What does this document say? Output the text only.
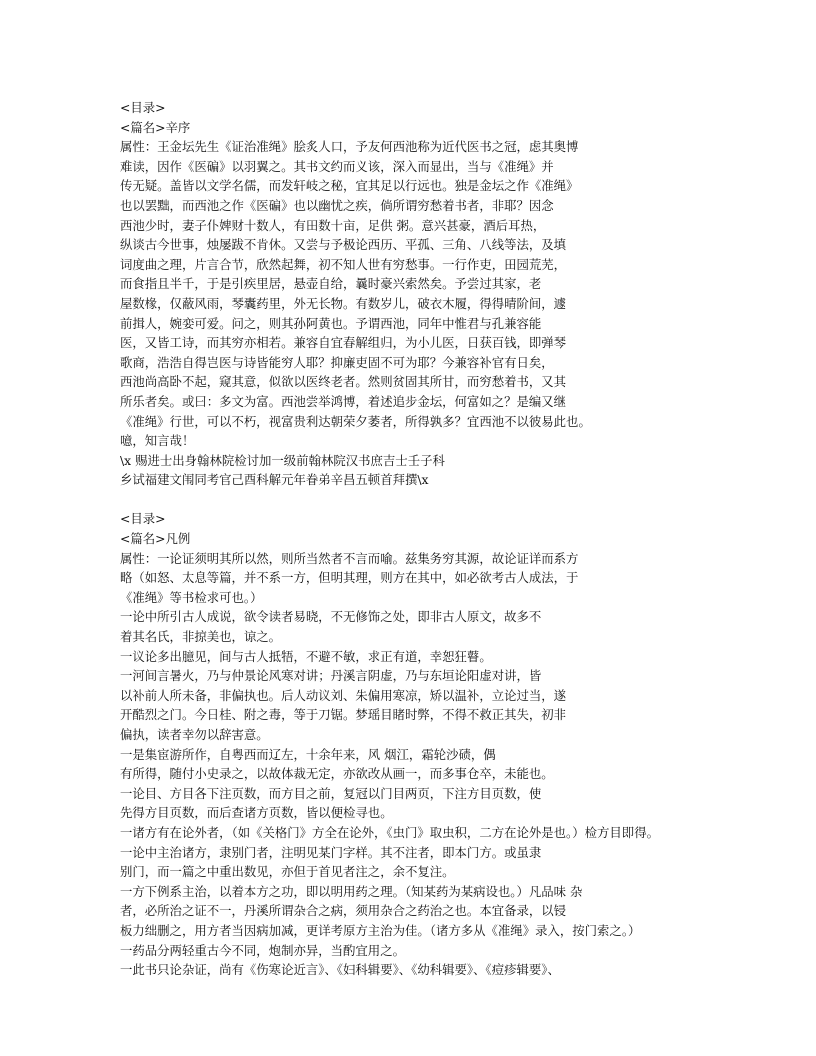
<目录>
<篇名>辛序
属性：王金坛先生《证治准绳》脍炙人口，予友何西池称为近代医书之冠，虑其奥博
难读，因作《医碥》以羽翼之。其书文约而义该，深入而显出，当与《准绳》并
传无疑。盖皆以文学名儒，而发轩岐之秘，宜其足以行远也。独是金坛之作《准绳》
也以罢黜，而西池之作《医碥》也以幽忧之疾，倘所谓穷愁着书者，非耶？因念
西池少时，妻子仆婢财十数人，有田数十亩，足供 粥。意兴甚豪，酒后耳热，
纵谈古今世事，烛屡跋不肯休。又尝与予极论西历、平孤、三角、八线等法，及填
词度曲之理，片言合节，欣然起舞，初不知人世有穷愁事。一行作吏，田园荒芜，
而食指且半千，于是引疾里居，悬壶自给，曩时豪兴索然矣。予尝过其家，老
屋数椽，仅蔽风雨，琴囊药里，外无长物。有数岁儿，破衣木履，得得晴阶间，遽
前揖人，婉娈可爱。问之，则其孙阿黄也。予谓西池，同年中惟君与孔兼容能
医，又皆工诗，而其穷亦相若。兼容自宜春解组归，为小儿医，日获百钱，即弹琴
歌商，浩浩自得岂医与诗皆能穷人耶？抑廉吏固不可为耶？今兼容补官有日矣，
西池尚高卧不起，窥其意，似欲以医终老者。然则贫固其所甘，而穷愁着书，又其
所乐者矣。或曰：多文为富。西池尝举鸿博，着述追步金坛，何富如之？是编又继
《准绳》行世，可以不朽，视富贵利达朝荣夕萎者，所得孰多？宜西池不以彼易此也。
噫，知言哉！
\x 赐进士出身翰林院检讨加一级前翰林院汉书庶吉士壬子科
乡试福建文闱同考官己酉科解元年眷弟辛昌五顿首拜撰\x
<目录>
<篇名>凡例
属性：一论证须明其所以然，则所当然者不言而喻。兹集务穷其源，故论证详而系方
略（如怒、太息等篇，并不系一方，但明其理，则方在其中，如必欲考古人成法，于
《准绳》等书检求可也。）
一论中所引古人成说，欲令读者易晓，不无修饰之处，即非古人原文，故多不
着其名氏，非掠美也，谅之。
一议论多出臆见，间与古人抵牾，不避不敏，求正有道，幸恕狂瞽。
一河间言暑火，乃与仲景论风寒对讲；丹溪言阴虚，乃与东垣论阳虚对讲，皆
以补前人所未备，非偏执也。后人动议刘、朱偏用寒凉，矫以温补，立论过当，遂
开酷烈之门。今日桂、附之毒，等于刀锯。梦瑶目睹时弊，不得不救正其失，初非
偏执，读者幸勿以辞害意。
一是集宦游所作，自粤西而辽左，十余年来，风 烟江，霜轮沙碛，偶
有所得，随付小史录之，以故体裁无定，亦欲改从画一，而多事仓卒，未能也。
一论目、方目各下注页数，而方目之前，复冠以门目两页，下注方目页数，使
先得方目页数，而后查诸方页数，皆以便检寻也。
一诸方有在论外者，（如《关格门》方全在论外，《虫门》取虫积，二方在论外是也。）检方目即得。
一论中主治诸方，隶别门者，注明见某门字样。其不注者，即本门方。或虽隶
别门，而一篇之中重出数见，亦但于首见者注之，余不复注。
一方下例系主治，以着本方之功，即以明用药之理。（知某药为某病设也。）凡品味 杂
者，必所治之证不一，丹溪所谓杂合之病，须用杂合之药治之也。本宜备录，以锓
板力绌删之，用方者当因病加减，更详考原方主治为佳。（诸方多从《准绳》录入，按门索之。）
一药品分两轻重古今不同，炮制亦异，当酌宜用之。
一此书只论杂证，尚有《伤寒论近言》、《妇科辑要》、《幼科辑要》、《痘疹辑要》、
